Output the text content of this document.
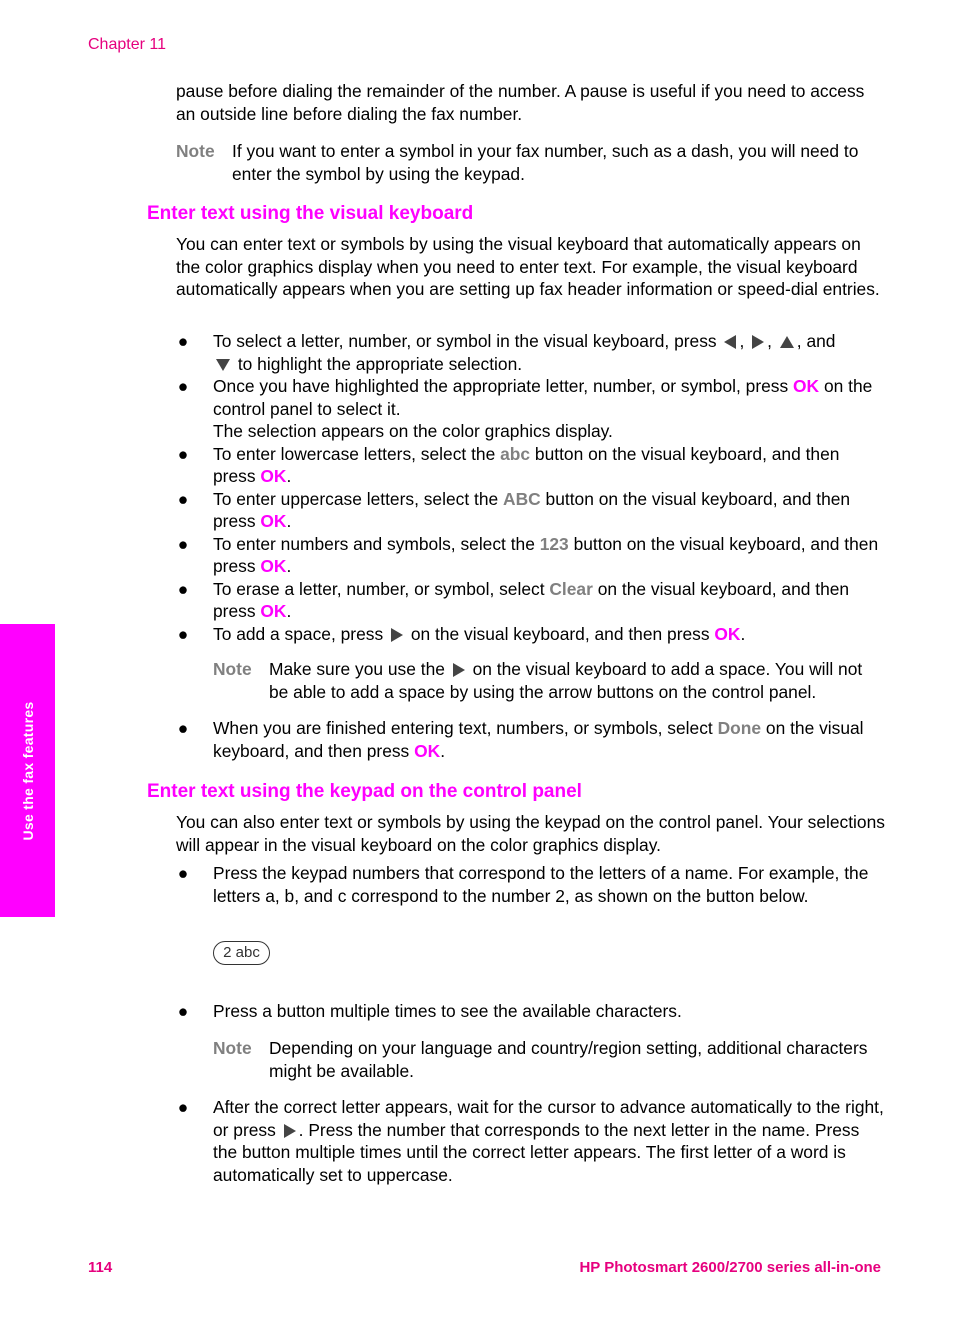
Chapter 11
Use the fax features

pause before dialing the remainder of the number. A pause is useful if you need to access an outside line before dialing the fax number.

Note If you want to enter a symbol in your fax number, such as a dash, you will need to enter the symbol by using the keypad.
Enter text using the visual keyboard

You can enter text or symbols by using the visual keyboard that automatically appears on the color graphics display when you need to enter text. For example, the visual keyboard automatically appears when you are setting up fax header information or speed-dial entries.

● To select a letter, number, or symbol in the visual keyboard, press , , , and
to highlight the appropriate selection.
● Once you have highlighted the appropriate letter, number, or symbol, press OK on the control panel to select it.
The selection appears on the color graphics display.
● To enter lowercase letters, select the abc button on the visual keyboard, and then press OK.
● To enter uppercase letters, select the ABC button on the visual keyboard, and then press OK.
● To enter numbers and symbols, select the 123 button on the visual keyboard, and then press OK.
● To erase a letter, number, or symbol, select Clear on the visual keyboard, and then press OK.
● To add a space, press  on the visual keyboard, and then press OK.
Note Make sure you use the  on the visual keyboard to add a space. You will not be able to add a space by using the arrow buttons on the control panel.
● When you are finished entering text, numbers, or symbols, select Done on the visual keyboard, and then press OK.
Enter text using the keypad on the control panel

You can also enter text or symbols by using the keypad on the control panel. Your selections will appear in the visual keyboard on the color graphics display.

● Press the keypad numbers that correspond to the letters of a name. For example, the letters a, b, and c correspond to the number 2, as shown on the button below.
2 abc
● Press a button multiple times to see the available characters.
Note Depending on your language and country/region setting, additional characters might be available.
● After the correct letter appears, wait for the cursor to advance automatically to the right, or press . Press the number that corresponds to the next letter in the name. Press the button multiple times until the correct letter appears. The first letter of a word is automatically set to uppercase.
114	HP Photosmart 2600/2700 series all-in-one
